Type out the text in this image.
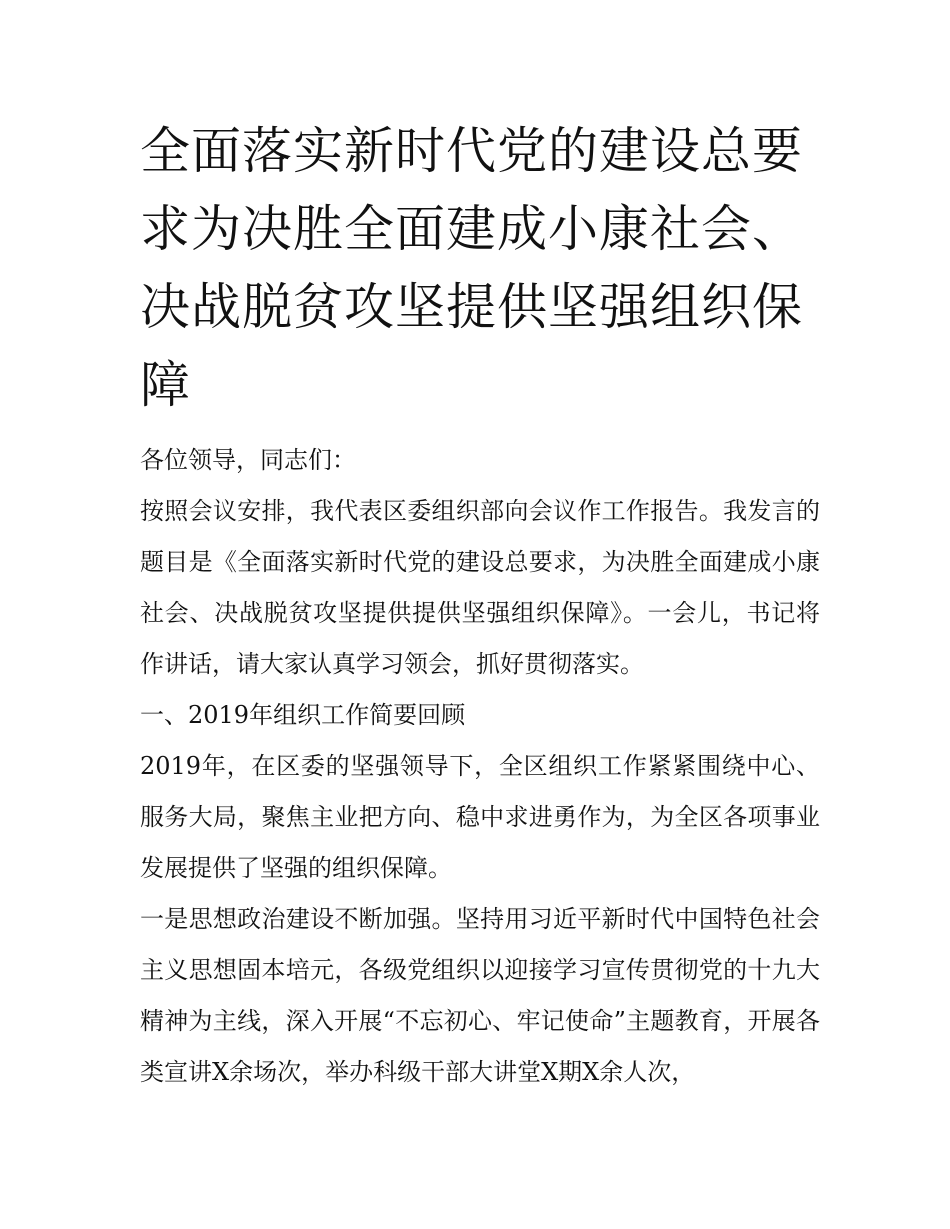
全面落实新时代党的建设总要求为决胜全面建成小康社会、决战脱贫攻坚提供坚强组织保障

各位领导，同志们：

按照会议安排，我代表区委组织部向会议作工作报告。我发言的题目是《全面落实新时代党的建设总要求，为决胜全面建成小康社会、决战脱贫攻坚提供提供坚强组织保障》。一会儿，书记将作讲话，请大家认真学习领会，抓好贯彻落实。

一、2019年组织工作简要回顾

2019年，在区委的坚强领导下，全区组织工作紧紧围绕中心、服务大局，聚焦主业把方向、稳中求进勇作为，为全区各项事业发展提供了坚强的组织保障。

一是思想政治建设不断加强。坚持用习近平新时代中国特色社会主义思想固本培元，各级党组织以迎接学习宣传贯彻党的十九大精神为主线，深入开展“不忘初心、牢记使命”主题教育，开展各类宣讲X余场次，举办科级干部大讲堂X期X余人次，
